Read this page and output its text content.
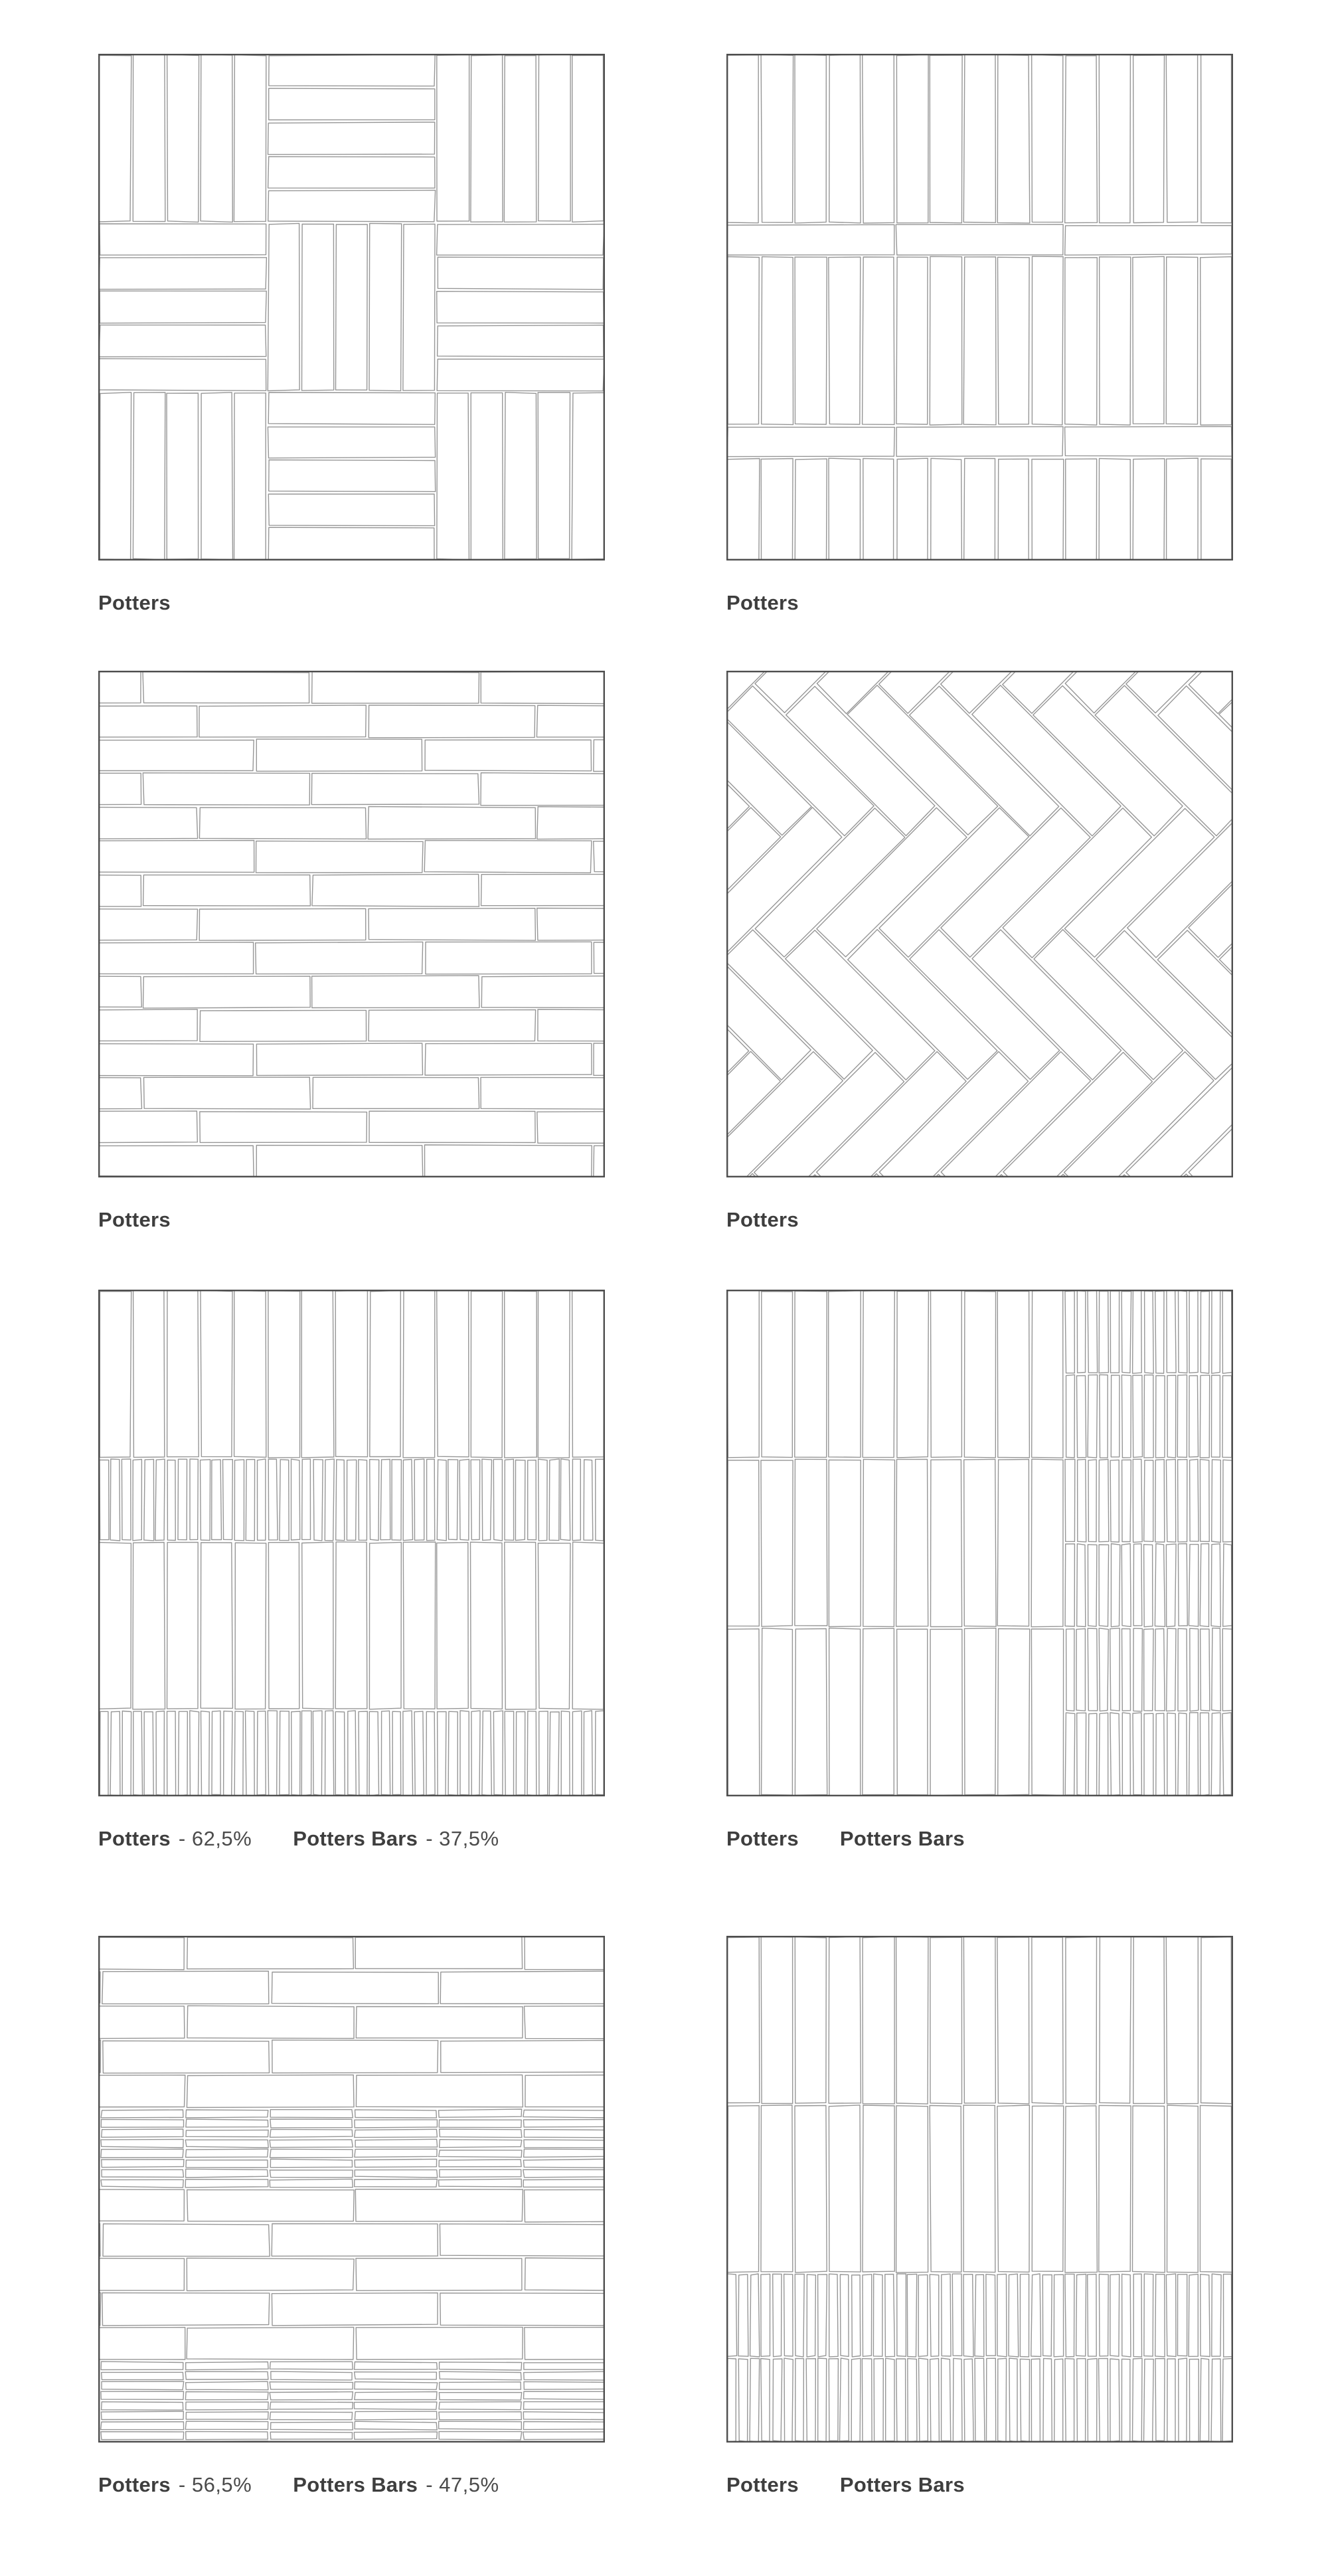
Potters	Potters
Potters	Potters
Potters - 62,5% Potters Bars - 37,5%	Potters Potters Bars
Potters - 56,5% Potters Bars - 47,5%	Potters Potters Bars
